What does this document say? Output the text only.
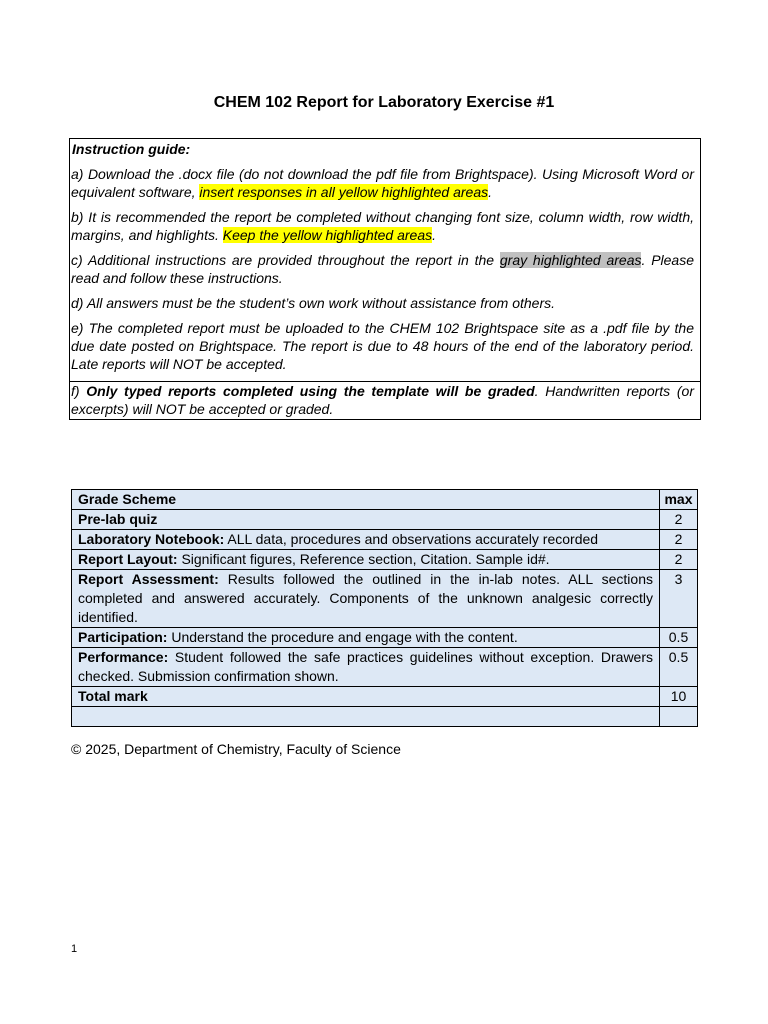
CHEM 102 Report for Laboratory Exercise #1
Instruction guide:

a) Download the .docx file (do not download the pdf file from Brightspace). Using Microsoft Word or equivalent software, insert responses in all yellow highlighted areas.

b) It is recommended the report be completed without changing font size, column width, row width, margins, and highlights. Keep the yellow highlighted areas.

c) Additional instructions are provided throughout the report in the gray highlighted areas. Please read and follow these instructions.

d) All answers must be the student’s own work without assistance from others.

e) The completed report must be uploaded to the CHEM 102 Brightspace site as a .pdf file by the due date posted on Brightspace. The report is due to 48 hours of the end of the laboratory period. Late reports will NOT be accepted.

f) Only typed reports completed using the template will be graded. Handwritten reports (or excerpts) will NOT be accepted or graded.

Grade Scheme	max
Pre-lab quiz	2
Laboratory Notebook: ALL data, procedures and observations accurately recorded	2
Report Layout: Significant figures, Reference section, Citation. Sample id#.	2
Report Assessment: Results followed the outlined in the in-lab notes. ALL sections completed and answered accurately. Components of the unknown analgesic correctly identified.	3
Participation: Understand the procedure and engage with the content.	0.5
Performance: Student followed the safe practices guidelines without exception. Drawers checked. Submission confirmation shown.	0.5
Total mark	10

© 2025, Department of Chemistry, Faculty of Science

1
